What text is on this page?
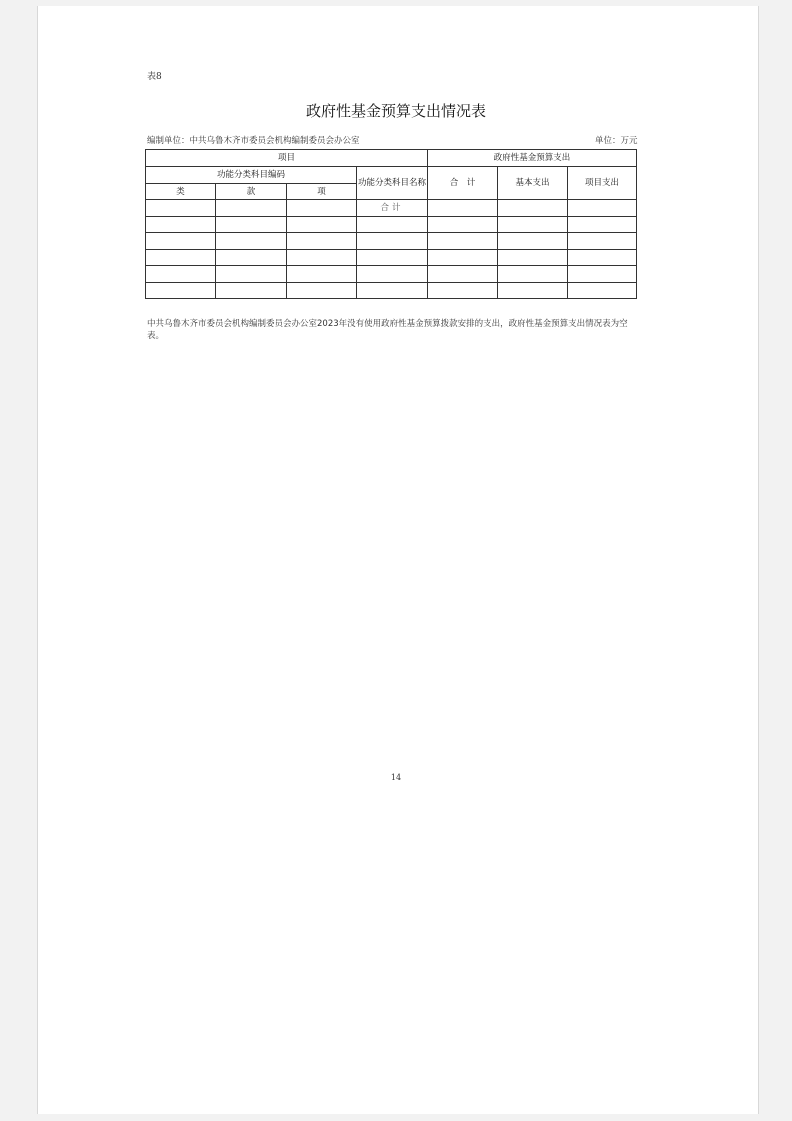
表8
政府性基金预算支出情况表
编制单位：中共乌鲁木齐市委员会机构编制委员会办公室	单位：万元
项目				政府性基金预算支出		
功能分类科目编码			功能分类科目名称	合　计	基本支出	项目支出
类	款	项				
			合计			

中共乌鲁木齐市委员会机构编制委员会办公室2023年没有使用政府性基金预算拨款安排的支出，政府性基金预算支出情况表为空表。
14
